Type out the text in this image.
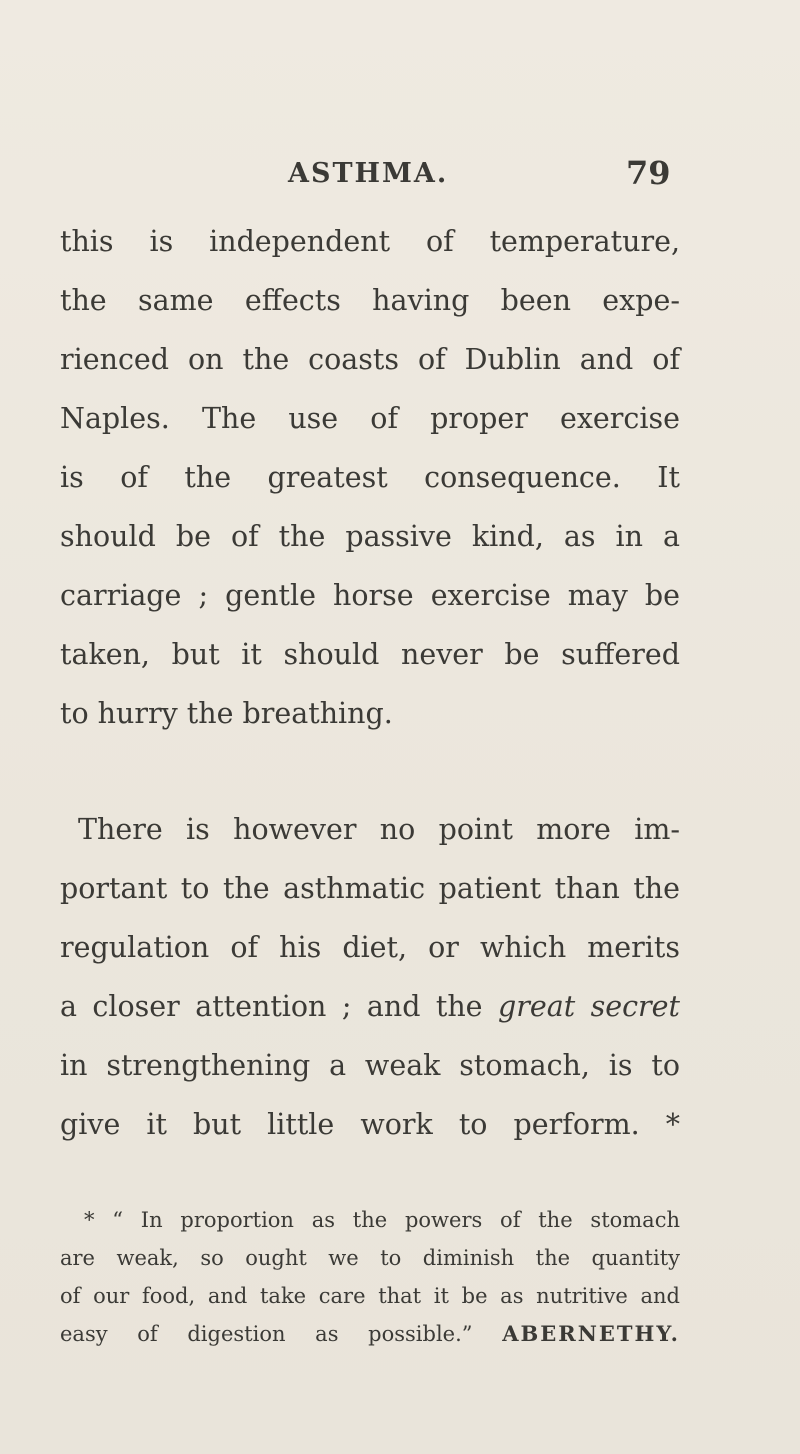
ASTHMA.	79
this is independent of temperature,
the same effects having been expe-
rienced on the coasts of Dublin and of
Naples. The use of proper exercise
is of the greatest consequence. It
should be of the passive kind, as in a
carriage ; gentle horse exercise may be
taken, but it should never be suffered
to hurry the breathing.
There is however no point more im-
portant to the asthmatic patient than the
regulation of his diet, or which merits
a closer attention ; and the great secret
in strengthening a weak stomach, is to
give it but little work to perform. *
* “ In proportion as the powers of the stomach
are weak, so ought we to diminish the quantity
of our food, and take care that it be as nutritive and
easy of digestion as possible.” ABERNETHY.
